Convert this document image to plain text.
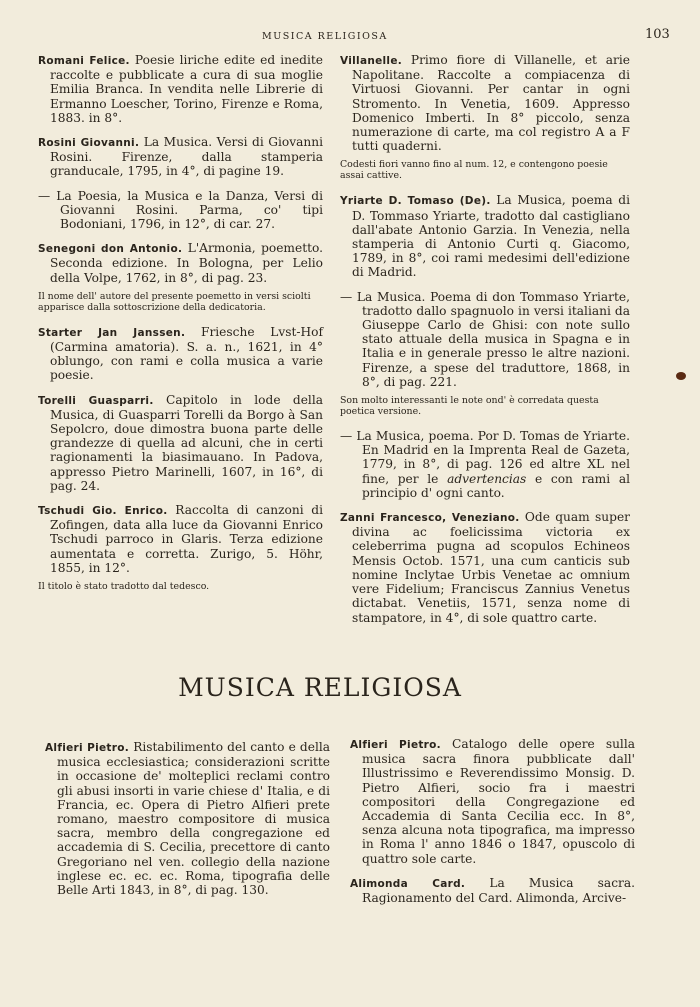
MUSICA RELIGIOSA	103

Romani Felice. Poesie liriche edite ed inedite raccolte e pubblicate a cura di sua moglie Emilia Branca. In vendita nelle Librerie di Ermanno Loescher, Torino, Firenze e Roma, 1883. in 8°.

Rosini Giovanni. La Musica. Versi di Giovanni Rosini. Firenze, dalla stamperia granducale, 1795, in 4°, di pagine 19.

— La Poesia, la Musica e la Danza, Versi di Giovanni Rosini. Parma, co' tipi Bodoniani, 1796, in 12°, di car. 27.

Senegoni don Antonio. L'Armonia, poemetto. Seconda edizione. In Bologna, per Lelio della Volpe, 1762, in 8°, di pag. 23.

Il nome dell' autore del presente poemetto in versi sciolti apparisce dalla sottoscrizione della dedicatoria.

Starter Jan Janssen. Friesche Lvst-Hof (Carmina amatoria). S. a. n., 1621, in 4° oblungo, con rami e colla musica a varie poesie.

Torelli Guasparri. Capitolo in lode della Musica, di Guasparri Torelli da Borgo à San Sepolcro, doue dimostra buona parte delle grandezze di quella ad alcuni, che in certi ragionamenti la biasimauano. In Padova, appresso Pietro Marinelli, 1607, in 16°, di pag. 24.

Tschudi Gio. Enrico. Raccolta di canzoni di Zofingen, data alla luce da Giovanni Enrico Tschudi parroco in Glaris. Terza edizione aumentata e corretta. Zurigo, 5. Höhr, 1855, in 12°.

Il titolo è stato tradotto dal tedesco.

Villanelle. Primo fiore di Villanelle, et arie Napolitane. Raccolte a compiacenza di Virtuosi Giovanni. Per cantar in ogni Stromento. In Venetia, 1609. Appresso Domenico Imberti. In 8° piccolo, senza numerazione di carte, ma col registro A a F tutti quaderni.

Codesti fiori vanno fino al num. 12, e contengono poesie assai cattive.

Yriarte D. Tomaso (De). La Musica, poema di D. Tommaso Yriarte, tradotto dal castigliano dall'abate Antonio Garzia. In Venezia, nella stamperia di Antonio Curti q. Giacomo, 1789, in 8°, coi rami medesimi dell'edizione di Madrid.

— La Musica. Poema di don Tommaso Yriarte, tradotto dallo spagnuolo in versi italiani da Giuseppe Carlo de Ghisi: con note sullo stato attuale della musica in Spagna e in Italia e in generale presso le altre nazioni. Firenze, a spese del traduttore, 1868, in 8°, di pag. 221.

Son molto interessanti le note ond' è corredata questa poetica versione.

— La Musica, poema. Por D. Tomas de Yriarte. En Madrid en la Imprenta Real de Gazeta, 1779, in 8°, di pag. 126 ed altre XL nel fine, per le advertencias e con rami al principio d' ogni canto.

Zanni Francesco, Veneziano. Ode quam super divina ac foelicissima victoria ex celeberrima pugna ad scopulos Echineos Mensis Octob. 1571, una cum canticis sub nomine Inclytae Urbis Venetae ac omnium vere Fidelium; Franciscus Zannius Venetus dictabat. Venetiis, 1571, senza nome di stampatore, in 4°, di sole quattro carte.

MUSICA RELIGIOSA

Alfieri Pietro. Ristabilimento del canto e della musica ecclesiastica; considerazioni scritte in occasione de' molteplici reclami contro gli abusi insorti in varie chiese d' Italia, e di Francia, ec. Opera di Pietro Alfieri prete romano, maestro compositore di musica sacra, membro della congregazione ed accademia di S. Cecilia, precettore di canto Gregoriano nel ven. collegio della nazione inglese ec. ec. ec. Roma, tipografia delle Belle Arti 1843, in 8°, di pag. 130.

Alfieri Pietro. Catalogo delle opere sulla musica sacra finora pubblicate dall' Illustrissimo e Reverendissimo Monsig. D. Pietro Alfieri, socio fra i maestri compositori della Congregazione ed Accademia di Santa Cecilia ecc. In 8°, senza alcuna nota tipografica, ma impresso in Roma l' anno 1846 o 1847, opuscolo di quattro sole carte.

Alimonda Card. La Musica sacra. Ragionamento del Card. Alimonda, Arcive-
